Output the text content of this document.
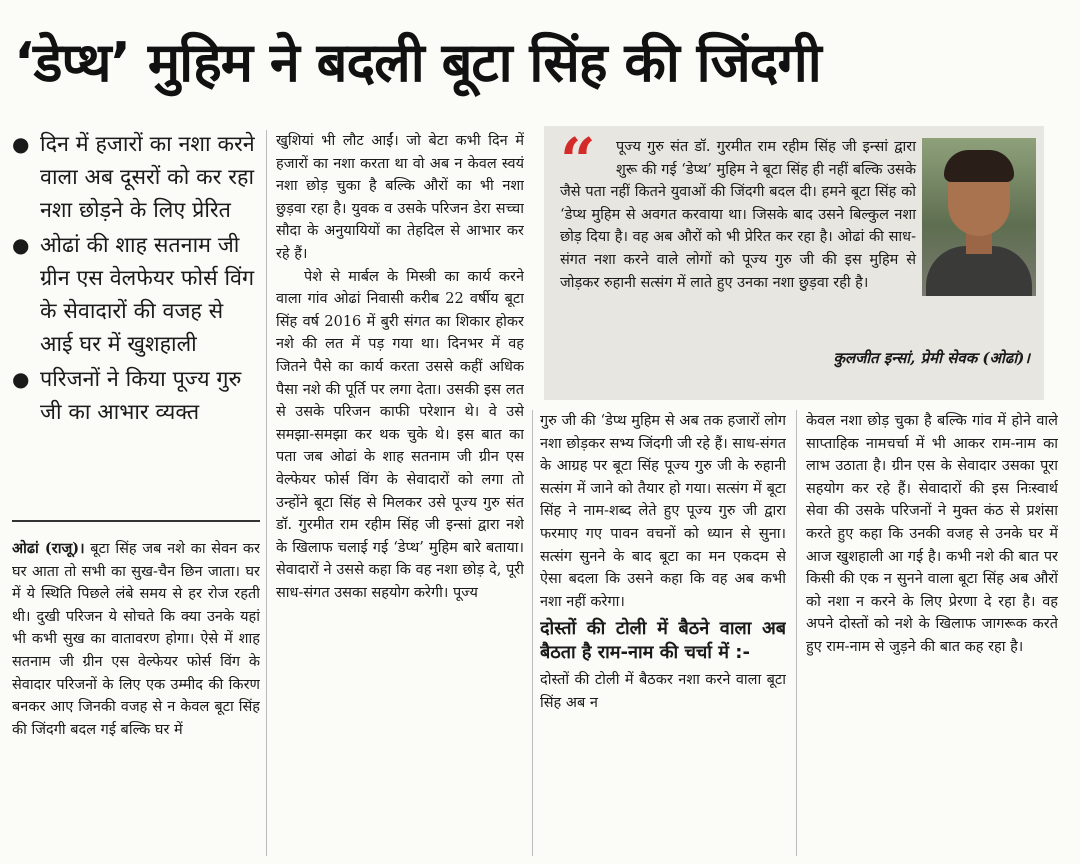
‘डेप्थ’ मुहिम ने बदली बूटा सिंह की जिंदगी
● दिन में हजारों का नशा करने वाला अब दूसरों को कर रहा नशा छोड़ने के लिए प्रेरित
● ओढां की शाह सतनाम जी ग्रीन एस वेलफेयर फोर्स विंग के सेवादारों की वजह से आई घर में खुशहाली
● परिजनों ने किया पूज्य गुरु जी का आभार व्यक्त

ओढां (राजू)। बूटा सिंह जब नशे का सेवन कर घर आता तो सभी का सुख-चैन छिन जाता। घर में ये स्थिति पिछले लंबे समय से हर रोज रहती थी। दुखी परिजन ये सोचते कि क्या उनके यहां भी कभी सुख का वातावरण होगा। ऐसे में शाह सतनाम जी ग्रीन एस वेल्फेयर फोर्स विंग के सेवादार परिजनों के लिए एक उम्मीद की किरण बनकर आए जिनकी वजह से न केवल बूटा सिंह की जिंदगी बदल गई बल्कि घर में

खुशियां भी लौट आईं। जो बेटा कभी दिन में हजारों का नशा करता था वो अब न केवल स्वयं नशा छोड़ चुका है बल्कि औरों का भी नशा छुड़वा रहा है। युवक व उसके परिजन डेरा सच्चा सौदा के अनुयायियों का तेहदिल से आभार कर रहे हैं।

पेशे से मार्बल के मिस्त्री का कार्य करने वाला गांव ओढां निवासी करीब 22 वर्षीय बूटा सिंह वर्ष 2016 में बुरी संगत का शिकार होकर नशे की लत में पड़ गया था। दिनभर में वह जितने पैसे का कार्य करता उससे कहीं अधिक पैसा नशे की पूर्ति पर लगा देता। उसकी इस लत से उसके परिजन काफी परेशान थे। वे उसे समझा-समझा कर थक चुके थे। इस बात का पता जब ओढां के शाह सतनाम जी ग्रीन एस वेल्फेयर फोर्स विंग के सेवादारों को लगा तो उन्होंने बूटा सिंह से मिलकर उसे पूज्य गुरु संत डॉ. गुरमीत राम रहीम सिंह जी इन्सां द्वारा नशे के खिलाफ चलाई गई ‘डेप्थ’ मुहिम बारे बताया। सेवादारों ने उससे कहा कि वह नशा छोड़ दे, पूरी साध-संगत उसका सहयोग करेगी। पूज्य

“	पूज्य गुरु संत डॉ. गुरमीत राम रहीम सिंह जी इन्सां द्वारा शुरू की गई ‘डेप्थ’ मुहिम ने बूटा सिंह ही नहीं बल्कि उसके जैसे पता नहीं कितने युवाओं की जिंदगी बदल दी। हमने बूटा सिंह को ‘डेप्थ मुहिम से अवगत करवाया था। जिसके बाद उसने बिल्कुल नशा छोड़ दिया है। वह अब औरों को भी प्रेरित कर रहा है। ओढां की साध-संगत नशा करने वाले लोगों को पूज्य गुरु जी की इस मुहिम से जोड़कर रुहानी सत्संग में लाते हुए उनका नशा छुड़वा रही है।
कुलजीत इन्सां, प्रेमी सेवक (ओढां)।

गुरु जी की ‘डेप्थ मुहिम से अब तक हजारों लोग नशा छोड़कर सभ्य जिंदगी जी रहे हैं। साध-संगत के आग्रह पर बूटा सिंह पूज्य गुरु जी के रुहानी सत्संग में जाने को तैयार हो गया। सत्संग में बूटा सिंह ने नाम-शब्द लेते हुए पूज्य गुरु जी द्वारा फरमाए गए पावन वचनों को ध्यान से सुना। सत्संग सुनने के बाद बूटा का मन एकदम से ऐसा बदला कि उसने कहा कि वह अब कभी नशा नहीं करेगा।

दोस्तों की टोली में बैठने वाला अब बैठता है राम-नाम की चर्चा में :-

दोस्तों की टोली में बैठकर नशा करने वाला बूटा सिंह अब न

केवल नशा छोड़ चुका है बल्कि गांव में होने वाले साप्ताहिक नामचर्चा में भी आकर राम-नाम का लाभ उठाता है। ग्रीन एस के सेवादार उसका पूरा सहयोग कर रहे हैं। सेवादारों की इस निःस्वार्थ सेवा की उसके परिजनों ने मुक्त कंठ से प्रशंसा करते हुए कहा कि उनकी वजह से उनके घर में आज खुशहाली आ गई है। कभी नशे की बात पर किसी की एक न सुनने वाला बूटा सिंह अब औरों को नशा न करने के लिए प्रेरणा दे रहा है। वह अपने दोस्तों को नशे के खिलाफ जागरूक करते हुए राम-नाम से जुड़ने की बात कह रहा है।
